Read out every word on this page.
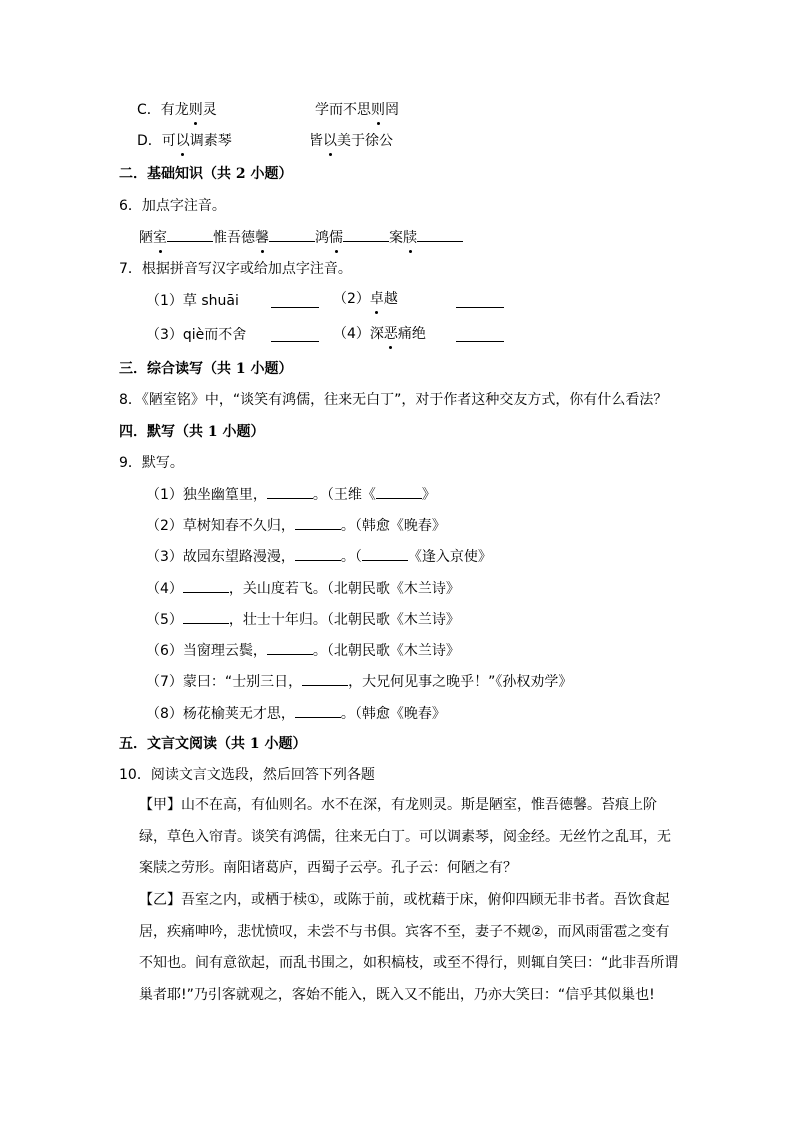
C．有龙则灵	学而不思则罔
D．可以调素琴	皆以美于徐公
二．基础知识（共 2 小题）
6．加点字注音。
陋室	惟吾德馨	鸿儒	案牍
7．根据拼音写汉字或给加点字注音。
（1）草 shuāi	（2）卓越
（3）qiè而不舍	（4）深恶痛绝
三．综合读写（共 1 小题）
8．《陋室铭》中，“谈笑有鸿儒，往来无白丁”，对于作者这种交友方式，你有什么看法？
四．默写（共 1 小题）
9．默写。
（1）独坐幽篁里，	。（王维《	》
（2）草树知春不久归，	。（韩愈《晚春》
（3）故园东望路漫漫，	。（	《逢入京使》
（4）	，关山度若飞。（北朝民歌《木兰诗》
（5）	，壮士十年归。（北朝民歌《木兰诗》
（6）当窗理云鬓，	。（北朝民歌《木兰诗》
（7）蒙曰：“士别三日，	，大兄何见事之晚乎！”《孙权劝学》
（8）杨花榆荚无才思，	。（韩愈《晚春》
五．文言文阅读（共 1 小题）
10．阅读文言文选段，然后回答下列各题
【甲】山不在高，有仙则名。水不在深，有龙则灵。斯是陋室，惟吾德馨。苔痕上阶绿，草色入帘青。谈笑有鸿儒，往来无白丁。可以调素琴，阅金经。无丝竹之乱耳，无案牍之劳形。南阳诸葛庐，西蜀子云亭。孔子云：何陋之有？
【乙】吾室之内，或栖于椟①，或陈于前，或枕藉于床，俯仰四顾无非书者。吾饮食起居，疾痛呻吟，悲忧愤叹，未尝不与书俱。宾客不至，妻子不觌②，而风雨雷雹之变有不知也。间有意欲起，而乱书围之，如积槁枝，或至不得行，则辄自笑曰：“此非吾所谓巢者耶!”乃引客就观之，客始不能入，既入又不能出，乃亦大笑曰：“信乎其似巢也!
